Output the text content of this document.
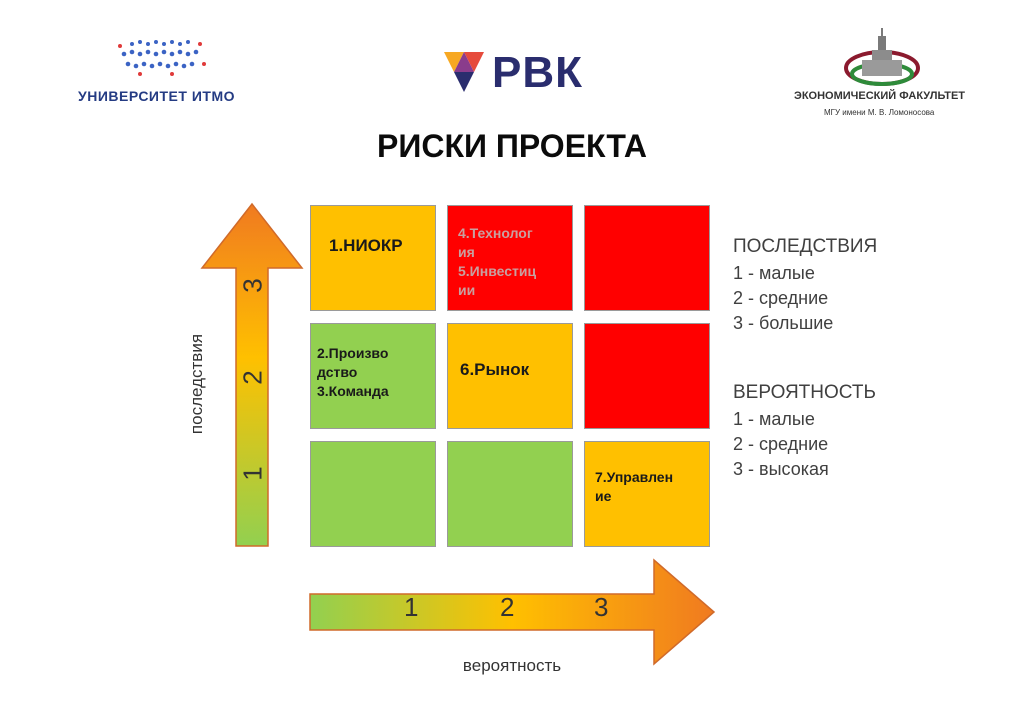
УНИВЕРСИТЕТ ИТМО	РВК	ЭКОНОМИЧЕСКИЙ ФАКУЛЬТЕТ
МГУ имени М. В. Ломоносова
РИСКИ ПРОЕКТА
3
2
1
последствия
1.НИОКР
4.Технолог
ия
5.Инвестиц
ии
2.Произво
дство
3.Команда
6.Рынок
7.Управлен
ие
1	2	3
вероятность
ПОСЛЕДСТВИЯ
1 - малые
2 - средние
3 - большие
ВЕРОЯТНОСТЬ
1 - малые
2 - средние
3 - высокая
